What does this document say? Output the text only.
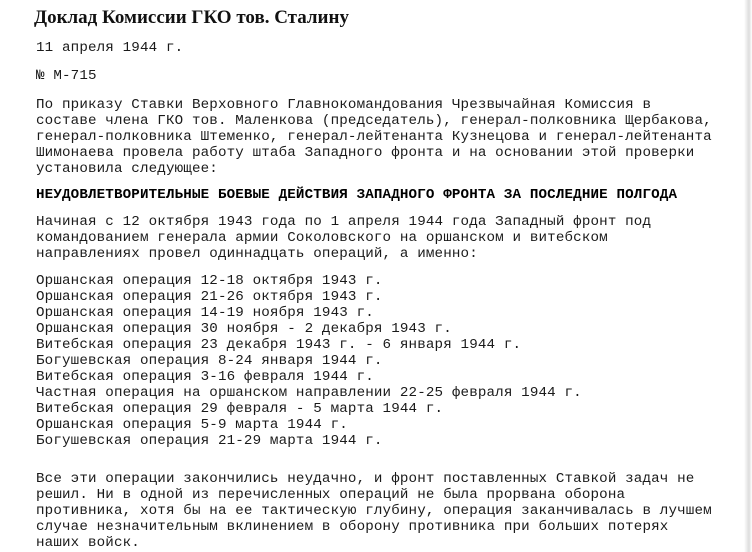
Доклад Комиссии ГКО тов. Сталину

11 апреля 1944 г.

№ М-715

По приказу Ставки Верховного Главнокомандования Чрезвычайная Комиссия в
составе члена ГКО тов. Маленкова (председатель), генерал-полковника Щербакова,
генерал-полковника Штеменко, генерал-лейтенанта Кузнецова и генерал-лейтенанта
Шимонаева провела работу штаба Западного фронта и на основании этой проверки
установила следующее:

НЕУДОВЛЕТВОРИТЕЛЬНЫЕ БОЕВЫЕ ДЕЙСТВИЯ ЗАПАДНОГО ФРОНТА ЗА ПОСЛЕДНИЕ ПОЛГОДА

Начиная с 12 октября 1943 года по 1 апреля 1944 года Западный фронт под
командованием генерала армии Соколовского на оршанском и витебском
направлениях провел одиннадцать операций, а именно:

Оршанская операция 12-18 октября 1943 г.
Оршанская операция 21-26 октября 1943 г.
Оршанская операция 14-19 ноября 1943 г.
Оршанская операция 30 ноября - 2 декабря 1943 г.
Витебская операция 23 декабря 1943 г. - 6 января 1944 г.
Богушевская операция 8-24 января 1944 г.
Витебская операция 3-16 февраля 1944 г.
Частная операция на оршанском направлении 22-25 февраля 1944 г.
Витебская операция 29 февраля - 5 марта 1944 г.
Оршанская операция 5-9 марта 1944 г.
Богушевская операция 21-29 марта 1944 г.

Все эти операции закончились неудачно, и фронт поставленных Ставкой задач не
решил. Ни в одной из перечисленных операций не была прорвана оборона
противника, хотя бы на ее тактическую глубину, операция заканчивалась в лучшем
случае незначительным вклинением в оборону противника при больших потерях
наших войск.
